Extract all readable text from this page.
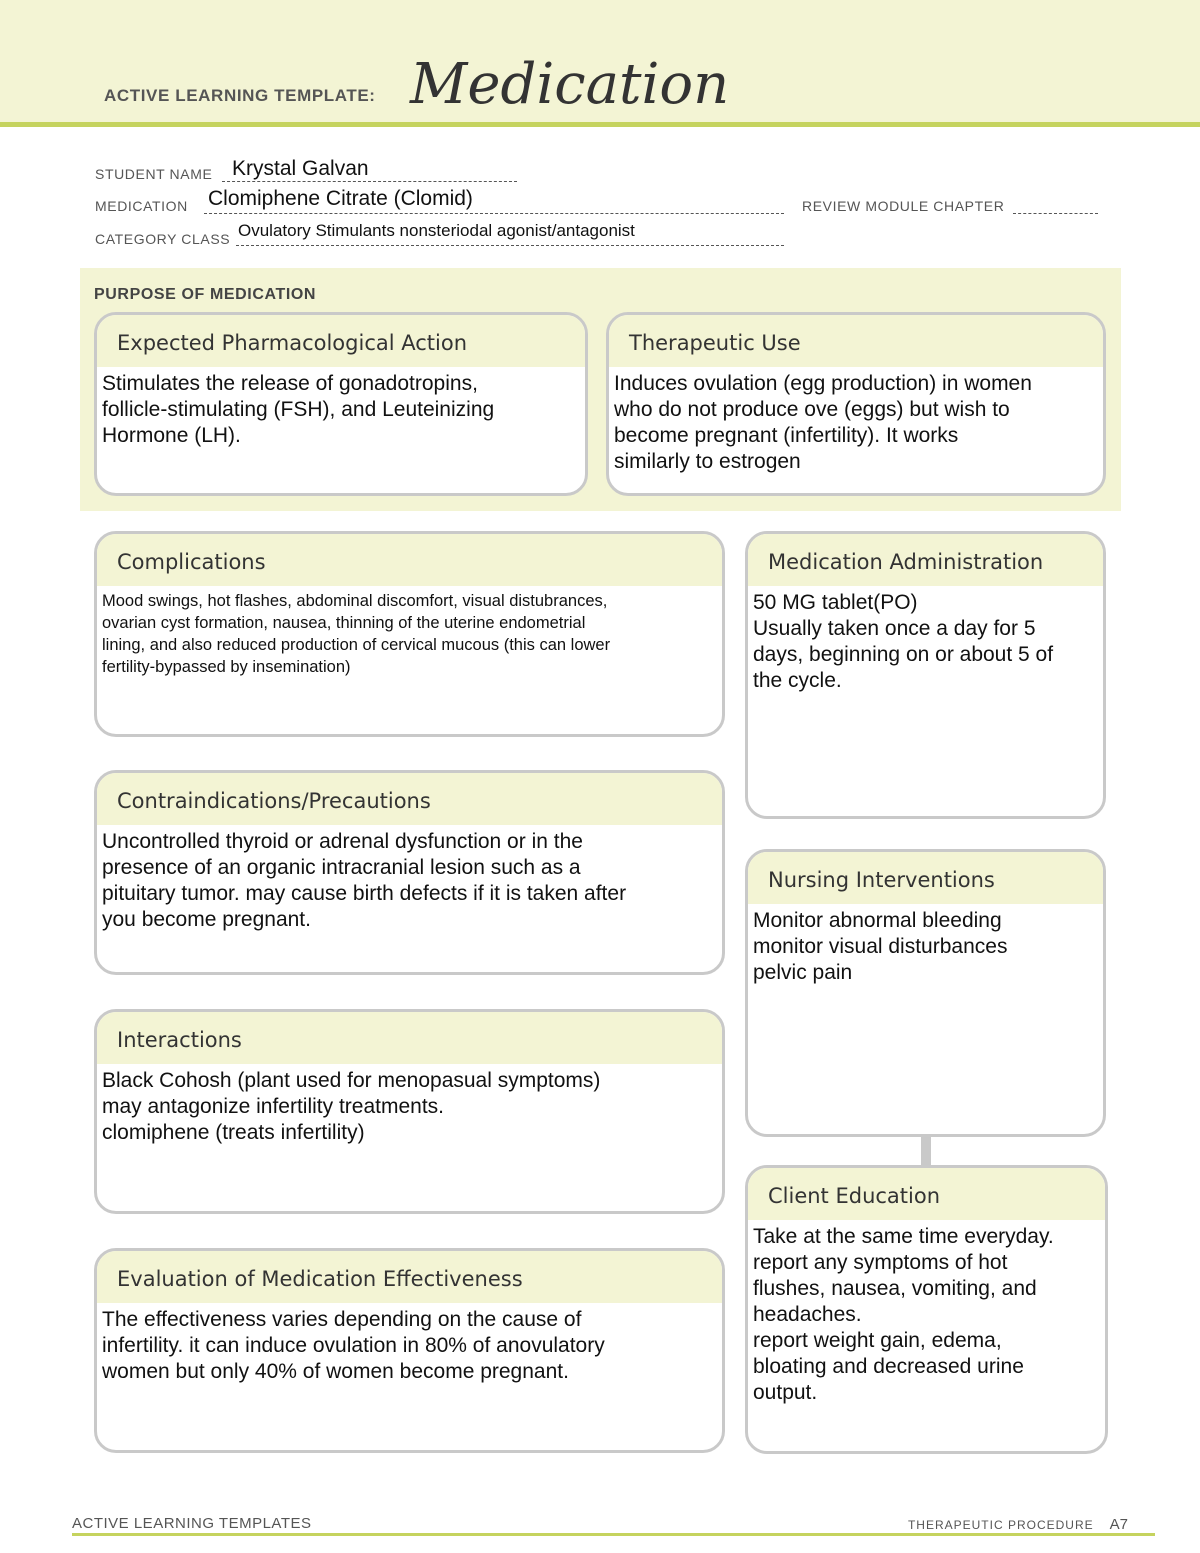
ACTIVE LEARNING TEMPLATE: Medication
STUDENT NAME Krystal Galvan
MEDICATION Clomiphene Citrate (Clomid)	REVIEW MODULE CHAPTER
CATEGORY CLASS Ovulatory Stimulants nonsteriodal agonist/antagonist
PURPOSE OF MEDICATION
Expected Pharmacological Action
Stimulates the release of gonadotropins,
follicle-stimulating (FSH), and Leuteinizing
Hormone (LH).
Therapeutic Use
Induces ovulation (egg production) in women
who do not produce ove (eggs) but wish to
become pregnant (infertility). It works
similarly to estrogen
Complications
Mood swings, hot flashes, abdominal discomfort, visual distubrances,
ovarian cyst formation, nausea, thinning of the uterine endometrial
lining, and also reduced production of cervical mucous (this can lower
fertility-bypassed by insemination)
Contraindications/Precautions
Uncontrolled thyroid or adrenal dysfunction or in the
presence of an organic intracranial lesion such as a
pituitary tumor. may cause birth defects if it is taken after
you become pregnant.
Interactions
Black Cohosh (plant used for menopasual symptoms)
may antagonize infertility treatments.
clomiphene (treats infertility)
Evaluation of Medication Effectiveness
The effectiveness varies depending on the cause of
infertility. it can induce ovulation in 80% of anovulatory
women but only 40% of women become pregnant.
Medication Administration
50 MG tablet(PO)
Usually taken once a day for 5
days, beginning on or about 5 of
the cycle.
Nursing Interventions
Monitor abnormal bleeding
monitor visual disturbances
pelvic pain
Client Education
Take at the same time everyday.
report any symptoms of hot
flushes, nausea, vomiting, and
headaches.
report weight gain, edema,
bloating and decreased urine
output.
ACTIVE LEARNING TEMPLATES	THERAPEUTIC PROCEDURE A7
